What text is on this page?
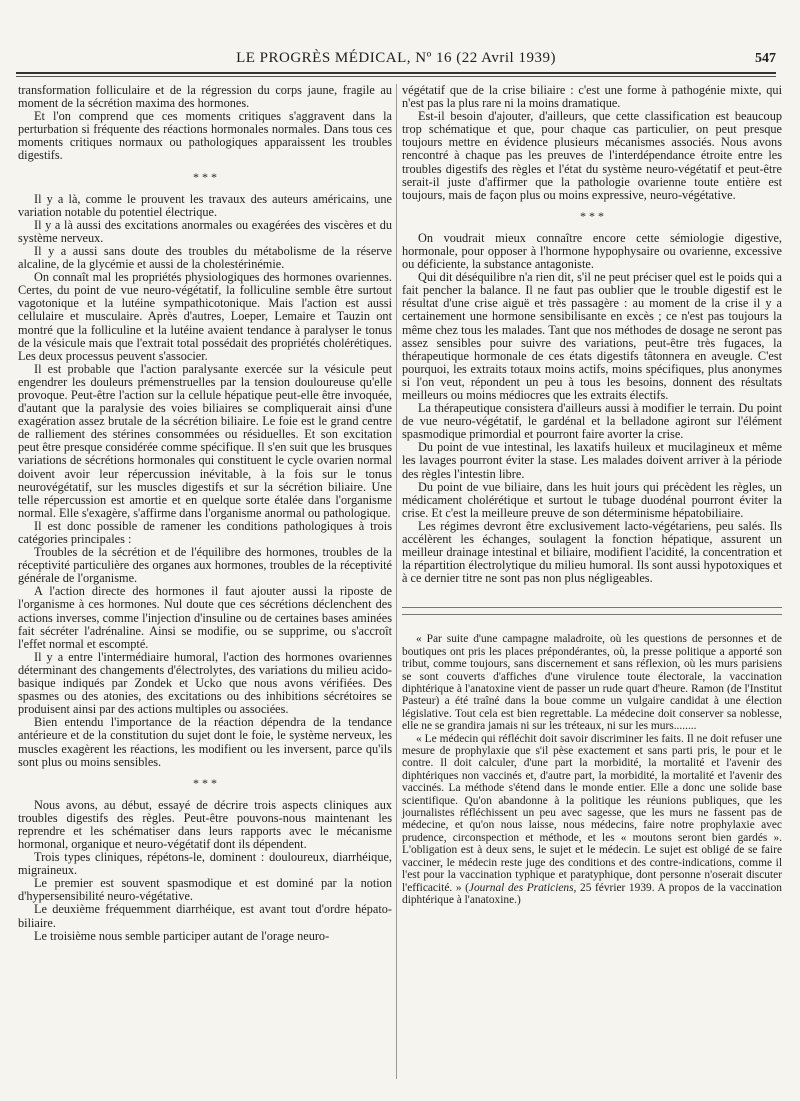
LE PROGRÈS MÉDICAL, Nº 16 (22 Avril 1939)	547

transformation folliculaire et de la régression du corps jaune, fragile au moment de la sécrétion maxima des hormones.

Et l'on comprend que ces moments critiques s'aggravent dans la perturbation si fréquente des réactions hormonales normales. Dans tous ces moments critiques normaux ou pathologiques apparaissent les troubles digestifs.

* * *

Il y a là, comme le prouvent les travaux des auteurs américains, une variation notable du potentiel électrique.

Il y a là aussi des excitations anormales ou exagérées des viscères et du système nerveux.

Il y a aussi sans doute des troubles du métabolisme de la réserve alcaline, de la glycémie et aussi de la cholestérinémie.

On connaît mal les propriétés physiologiques des hormones ovariennes. Certes, du point de vue neuro-végétatif, la folliculine semble être surtout vagotonique et la lutéine sympathicotonique. Mais l'action est aussi cellulaire et musculaire. Après d'autres, Loeper, Lemaire et Tauzin ont montré que la folliculine et la lutéine avaient tendance à paralyser le tonus de la vésicule mais que l'extrait total possédait des propriétés cholérétiques. Les deux processus peuvent s'associer.

Il est probable que l'action paralysante exercée sur la vésicule peut engendrer les douleurs prémenstruelles par la tension douloureuse qu'elle provoque. Peut-être l'action sur la cellule hépatique peut-elle être invoquée, d'autant que la paralysie des voies biliaires se compliquerait ainsi d'une exagération assez brutale de la sécrétion biliaire. Le foie est le grand centre de ralliement des stérines consommées ou résiduelles. Et son excitation peut être presque considérée comme spécifique. Il s'en suit que les brusques variations de sécrétions hormonales qui constituent le cycle ovarien normal doivent avoir leur répercussion inévitable, à la fois sur le tonus neurovégétatif, sur les muscles digestifs et sur la sécrétion biliaire. Une telle répercussion est amortie et en quelque sorte étalée dans l'organisme normal. Elle s'exagère, s'affirme dans l'organisme anormal ou pathologique.

Il est donc possible de ramener les conditions pathologiques à trois catégories principales :

Troubles de la sécrétion et de l'équilibre des hormones, troubles de la réceptivité particulière des organes aux hormones, troubles de la réceptivité générale de l'organisme.

A l'action directe des hormones il faut ajouter aussi la riposte de l'organisme à ces hormones. Nul doute que ces sécrétions déclenchent des actions inverses, comme l'injection d'insuline ou de certaines bases aminées fait sécréter l'adrénaline. Ainsi se modifie, ou se supprime, ou s'accroît l'effet normal et escompté.

Il y a entre l'intermédiaire humoral, l'action des hormones ovariennes déterminant des changements d'électrolytes, des variations du milieu acido-basique indiqués par Zondek et Ucko que nous avons vérifiées. Des spasmes ou des atonies, des excitations ou des inhibitions sécrétoires se produisent ainsi par des actions multiples ou associées.

Bien entendu l'importance de la réaction dépendra de la tendance antérieure et de la constitution du sujet dont le foie, le système nerveux, les muscles exagèrent les réactions, les modifient ou les inversent, parce qu'ils sont plus ou moins sensibles.

* * *

Nous avons, au début, essayé de décrire trois aspects cliniques aux troubles digestifs des règles. Peut-être pouvons-nous maintenant les reprendre et les schématiser dans leurs rapports avec le mécanisme hormonal, organique et neuro-végétatif dont ils dépendent.

Trois types cliniques, répétons-le, dominent : douloureux, diarrhéique, migraineux.

Le premier est souvent spasmodique et est dominé par la notion d'hypersensibilité neuro-végétative.

Le deuxième fréquemment diarrhéique, est avant tout d'ordre hépato-biliaire.

Le troisième nous semble participer autant de l'orage neuro-

végétatif que de la crise biliaire : c'est une forme à pathogénie mixte, qui n'est pas la plus rare ni la moins dramatique.

Est-il besoin d'ajouter, d'ailleurs, que cette classification est beaucoup trop schématique et que, pour chaque cas particulier, on peut presque toujours mettre en évidence plusieurs mécanismes associés. Nous avons rencontré à chaque pas les preuves de l'interdépendance étroite entre les troubles digestifs des règles et l'état du système neuro-végétatif et peut-être serait-il juste d'affirmer que la pathologie ovarienne toute entière est toujours, mais de façon plus ou moins expressive, neuro-végétative.

* * *

On voudrait mieux connaître encore cette sémiologie digestive, hormonale, pour opposer à l'hormone hypophysaire ou ovarienne, excessive ou déficiente, la substance antagoniste.

Qui dit déséquilibre n'a rien dit, s'il ne peut préciser quel est le poids qui a fait pencher la balance. Il ne faut pas oublier que le trouble digestif est le résultat d'une crise aiguë et très passagère : au moment de la crise il y a certainement une hormone sensibilisante en excès ; ce n'est pas toujours la même chez tous les malades. Tant que nos méthodes de dosage ne seront pas assez sensibles pour suivre des variations, peut-être très fugaces, la thérapeutique hormonale de ces états digestifs tâtonnera en aveugle. C'est pourquoi, les extraits totaux moins actifs, moins spécifiques, plus anonymes si l'on veut, répondent un peu à tous les besoins, donnent des résultats meilleurs ou moins médiocres que les extraits électifs.

La thérapeutique consistera d'ailleurs aussi à modifier le terrain. Du point de vue neuro-végétatif, le gardénal et la belladone agiront sur l'élément spasmodique primordial et pourront faire avorter la crise.

Du point de vue intestinal, les laxatifs huileux et mucilagineux et même les lavages pourront éviter la stase. Les malades doivent arriver à la période des règles l'intestin libre.

Du point de vue biliaire, dans les huit jours qui précèdent les règles, un médicament cholérétique et surtout le tubage duodénal pourront éviter la crise. Et c'est la meilleure preuve de son déterminisme hépatobiliaire.

Les régimes devront être exclusivement lacto-végétariens, peu salés. Ils accélèrent les échanges, soulagent la fonction hépatique, assurent un meilleur drainage intestinal et biliaire, modifient l'acidité, la concentration et la répartition électrolytique du milieu humoral. Ils sont aussi hypotoxiques et à ce dernier titre ne sont pas non plus négligeables.

« Par suite d'une campagne maladroite, où les questions de personnes et de boutiques ont pris les places prépondérantes, où, la presse politique a apporté son tribut, comme toujours, sans discernement et sans réflexion, où les murs parisiens se sont couverts d'affiches d'une virulence toute électorale, la vaccination diphtérique à l'anatoxine vient de passer un rude quart d'heure. Ramon (de l'Institut Pasteur) a été traîné dans la boue comme un vulgaire candidat à une élection législative. Tout cela est bien regrettable. La médecine doit conserver sa noblesse, elle ne se grandira jamais ni sur les tréteaux, ni sur les murs........

« Le médecin qui réfléchit doit savoir discriminer les faits. Il ne doit refuser une mesure de prophylaxie que s'il pèse exactement et sans parti pris, le pour et le contre. Il doit calculer, d'une part la morbidité, la mortalité et l'avenir des diphtériques non vaccinés et, d'autre part, la morbidité, la mortalité et l'avenir des vaccinés. La méthode s'étend dans le monde entier. Elle a donc une solide base scientifique. Qu'on abandonne à la politique les réunions publiques, que les journalistes réfléchissent un peu avec sagesse, que les murs ne fassent pas de médecine, et qu'on nous laisse, nous médecins, faire notre prophylaxie avec prudence, circonspection et méthode, et les « moutons seront bien gardés ». L'obligation est à deux sens, le sujet et le médecin. Le sujet est obligé de se faire vacciner, le médecin reste juge des conditions et des contre-indications, comme il l'est pour la vaccination typhique et paratyphique, dont personne n'oserait discuter l'efficacité. » (Journal des Praticiens, 25 février 1939. A propos de la vaccination diphtérique à l'anatoxine.)
